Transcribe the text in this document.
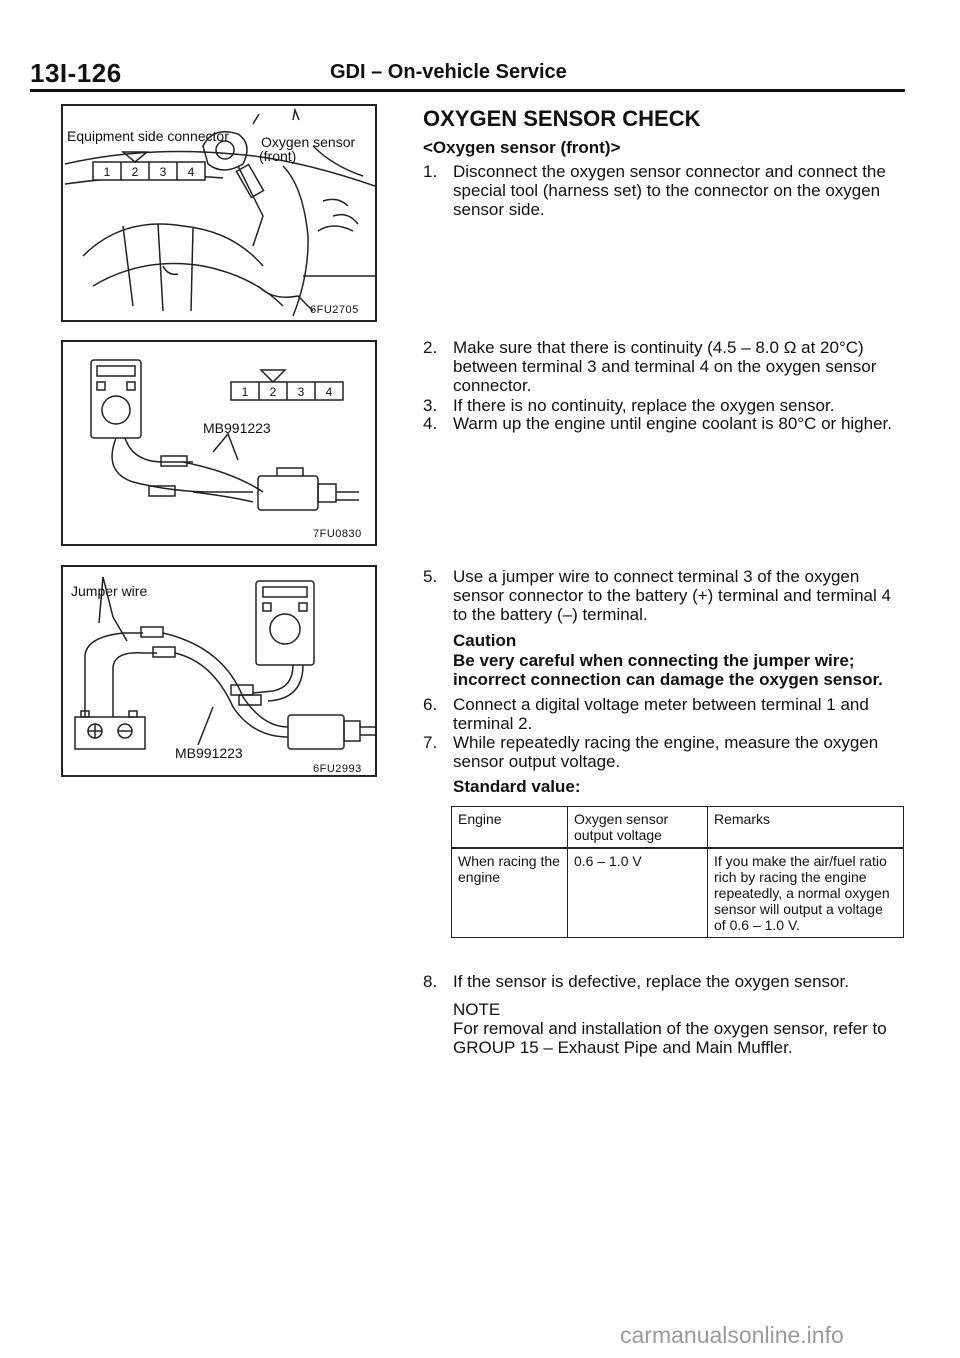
13I-126	GDI – On-vehicle Service
1 2 3 4
Equipment side connector Oxygen sensor
(front)
6FU2705
1 2 3 4
MB991223
7FU0830
Jumper wire
MB991223
6FU2993
OXYGEN SENSOR CHECK
<Oxygen sensor (front)>
1. Disconnect the oxygen sensor connector and connect the special tool (harness set) to the connector on the oxygen sensor side.
2. Make sure that there is continuity (4.5 – 8.0 Ω at 20°C) between terminal 3 and terminal 4 on the oxygen sensor connector.
3. If there is no continuity, replace the oxygen sensor.
4. Warm up the engine until engine coolant is 80°C or higher.
5. Use a jumper wire to connect terminal 3 of the oxygen sensor connector to the battery (+) terminal and terminal 4 to the battery (–) terminal.
Caution
Be very careful when connecting the jumper wire; incorrect connection can damage the oxygen sensor.
6. Connect a digital voltage meter between terminal 1 and terminal 2.
7. While repeatedly racing the engine, measure the oxygen sensor output voltage.
Standard value:
Engine	Oxygen sensor output voltage	Remarks
When racing the engine	0.6 – 1.0 V	If you make the air/fuel ratio rich by racing the engine repeatedly, a normal oxygen sensor will output a voltage of 0.6 – 1.0 V.
8. If the sensor is defective, replace the oxygen sensor.
NOTE
For removal and installation of the oxygen sensor, refer to GROUP 15 – Exhaust Pipe and Main Muffler.
carmanualsonline.info
